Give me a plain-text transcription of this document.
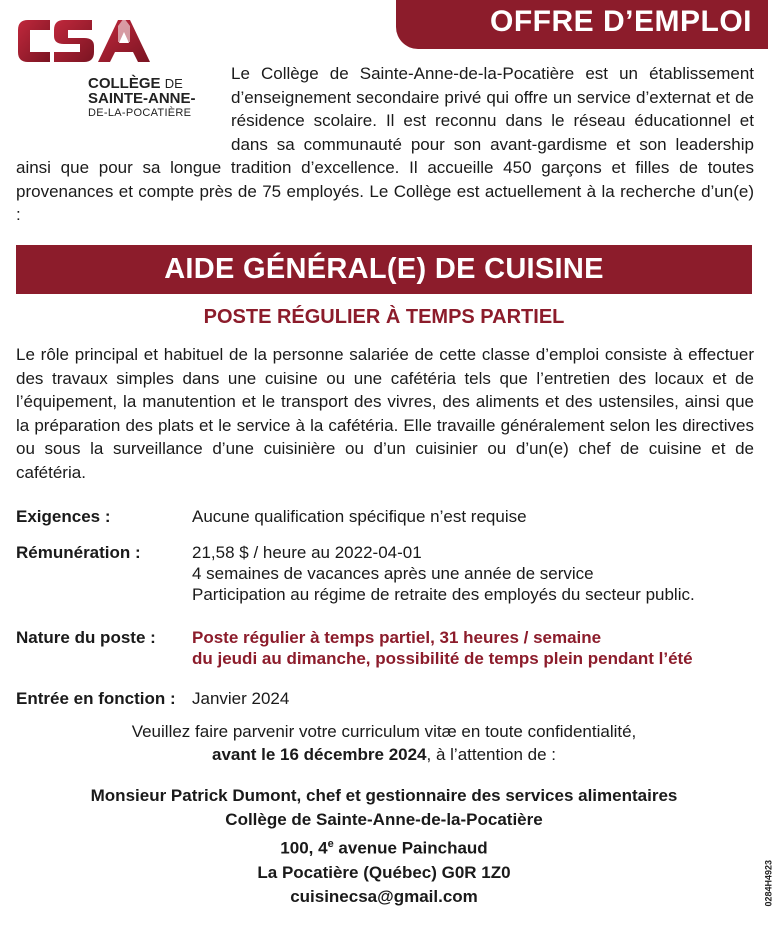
OFFRE D’EMPLOI
COLLÈGE DE
SAINTE-ANNE-
DE-LA-POCATIÈRE
Le Collège de Sainte-Anne-de-la-Pocatière est un établissement d’enseignement secondaire privé qui offre un service d’externat et de résidence scolaire. Il est reconnu dans le réseau éducationnel et dans sa communauté pour son avant-gardisme et son leadership ainsi que pour sa longue tradition d’excellence. Il accueille 450 garçons et filles de toutes provenances et compte près de 75 employés. Le Collège est actuellement à la recherche d’un(e) :
AIDE GÉNÉRAL(E) DE CUISINE
POSTE RÉGULIER À TEMPS PARTIEL
Le rôle principal et habituel de la personne salariée de cette classe d’emploi consiste à effectuer des travaux simples dans une cuisine ou une cafétéria tels que l’entretien des locaux et de l’équipement, la manutention et le transport des vivres, des aliments et des ustensiles, ainsi que la préparation des plats et le service à la cafétéria. Elle travaille généralement selon les directives ou sous la surveillance d’une cuisinière ou d’un cuisinier ou d’un(e) chef de cuisine et de cafétéria.
Exigences :	Aucune qualification spécifique n’est requise
Rémunération :	21,58 $ / heure au 2022-04-01
4 semaines de vacances après une année de service
Participation au régime de retraite des employés du secteur public.
Nature du poste : Poste régulier à temps partiel, 31 heures / semaine
du jeudi au dimanche, possibilité de temps plein pendant l’été
Entrée en fonction : Janvier 2024
Veuillez faire parvenir votre curriculum vitæ en toute confidentialité,
avant le 16 décembre 2024, à l’attention de :
Monsieur Patrick Dumont, chef et gestionnaire des services alimentaires
Collège de Sainte-Anne-de-la-Pocatière
100, 4e avenue Painchaud
La Pocatière (Québec) G0R 1Z0
cuisinecsa@gmail.com	0284H4923
